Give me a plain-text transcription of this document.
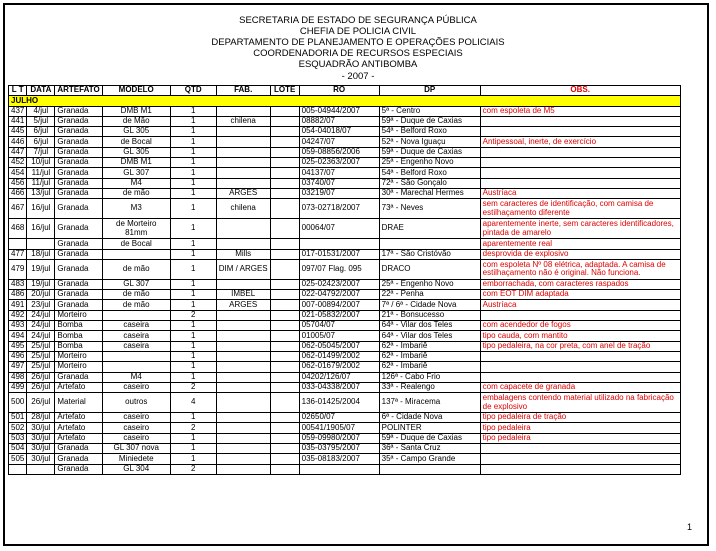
SECRETARIA DE ESTADO DE SEGURANÇA PÚBLICA
CHEFIA DE POLICIA CIVIL
DEPARTAMENTO DE PLANEJAMENTO E OPERAÇÕES POLICIAIS
COORDENADORIA DE RECURSOS ESPECIAIS
ESQUADRÃO ANTIBOMBA
- 2007 -
L T	DATA	ARTEFATO	MODELO	QTD	FAB.	LOTE	RO	DP	OBS.
JULHO									
437	4/jul	Granada	DMB M1	1			005-04944/2007	5ª - Centro	com espoleta de M5
441	5/jul	Granada	de Mão	1	chilena		08882/07	59ª - Duque de Caxias	
445	6/jul	Granada	GL 305	1			054-04018/07	54ª - Belford Roxo	
446	6/jul	Granada	de Bocal	1			04247/07	52ª - Nova Iguaçu	Antipessoal, inerte, de exercício
447	7/jul	Granada	GL 305	1			059-08856/2006	59ª - Duque de Caxias	
452	10/jul	Granada	DMB M1	1			025-02363/2007	25ª - Engenho Novo	
454	11/jul	Granada	GL 307	1			04137/07	54ª - Belford Roxo	
456	11/jul	Granada	M4	1			03740/07	72ª - São Gonçalo	
466	13/jul	Granada	de mão	1	ARGES		03219/07	30ª - Marechal Hermes	Austríaca
467	16/jul	Granada	M3	1	chilena		073-02718/2007	73ª - Neves	sem caracteres de identificação, com camisa de estilhaçamento diferente
468	16/jul	Granada	de Morteiro 81mm	1			00064/07	DRAE	aparentemente inerte, sem caracteres identificadores, pintada de amarelo
		Granada	de Bocal	1					aparentemente real
477	18/jul	Granada		1	Mills		017-01531/2007	17ª - São Cristóvão	desprovida de explosivo
479	19/jul	Granada	de mão	1	DIM / ARGES		097/07 Flag. 095	DRACO	com espoleta Nº 08 elétrica, adaptada. A camisa de estilhaçamento não é original. Não funciona.
483	19/jul	Granada	GL 307	1			025-02423/2007	25ª - Engenho Novo	emborrachada, com caracteres raspados
486	20/jul	Granada	de mão	1	IMBEL		022-04792/2007	22ª - Penha	com EOT DIM adaptada
491	23/jul	Granada	de mão	1	ARGES		007-00894/2007	7ª / 6ª - Cidade Nova	Austríaca
492	24/jul	Morteiro		2			021-05832/2007	21ª - Bonsucesso	
493	24/jul	Bomba	caseira	1			05704/07	64ª - Vilar dos Teles	com acendedor de fogos
494	24/jul	Bomba	caseira	1			01005/07	64ª - Vilar dos Teles	tipo cauda, com mantito
495	25/jul	Bomba	caseira	1			062-05045/2007	62ª - Imbariê	tipo pedaleira, na cor preta, com anel de tração
496	25/jul	Morteiro		1			062-01499/2002	62ª - Imbariê	
497	25/jul	Morteiro		1			062-01679/2002	62ª - Imbariê	
498	26/jul	Granada	M4	1			04202/126/07	126ª - Cabo Frio	
499	26/jul	Artefato	caseiro	2			033-04338/2007	33ª - Realengo	com capacete de granada
500	26/jul	Material	outros	4			136-01425/2004	137ª - Miracema	embalagens contendo material utilizado na fabricação de explosivo
501	28/jul	Artefato	caseiro	1			02650/07	6ª - Cidade Nova	tipo pedaleira de tração
502	30/jul	Artefato	caseiro	2			00541/1905/07	POLINTER	tipo pedaleira
503	30/jul	Artefato	caseiro	1			059-09980/2007	59ª - Duque de Caxias	tipo pedaleira
504	30/jul	Granada	GL 307 nova	1			035-03795/2007	36ª - Santa Cruz	
505	30/jul	Granada	Miniedete	1			035-08183/2007	35ª - Campo Grande	
		Granada	GL 304	2					
1
